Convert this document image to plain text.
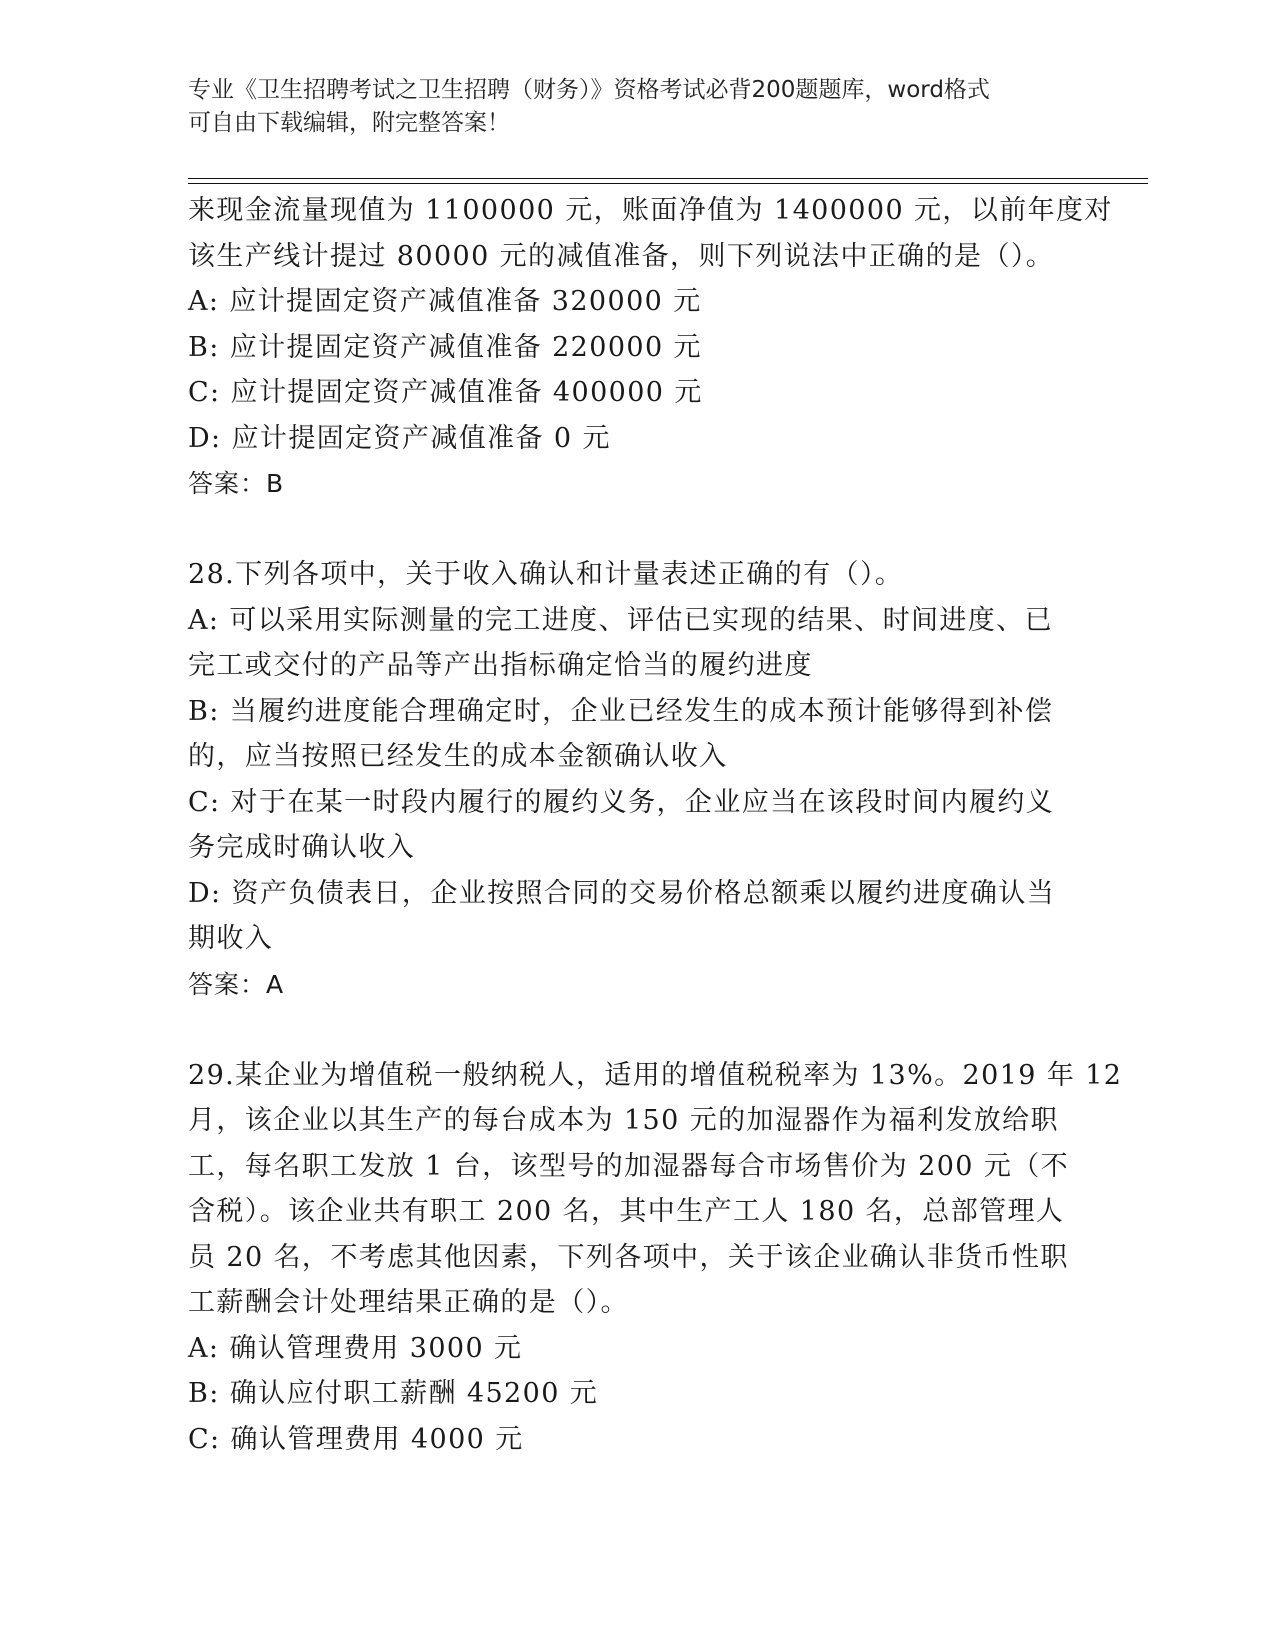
专业《卫生招聘考试之卫生招聘（财务）》资格考试必背200题题库，word格式
可自由下载编辑，附完整答案！
来现金流量现值为 1100000 元，账面净值为 1400000 元，以前年度对
该生产线计提过 80000 元的减值准备，则下列说法中正确的是（）。
A: 应计提固定资产减值准备 320000 元
B: 应计提固定资产减值准备 220000 元
C: 应计提固定资产减值准备 400000 元
D: 应计提固定资产减值准备 0 元
答案：B
28.下列各项中，关于收入确认和计量表述正确的有（）。
A: 可以采用实际测量的完工进度、评估已实现的结果、时间进度、已
完工或交付的产品等产出指标确定恰当的履约进度
B: 当履约进度能合理确定时，企业已经发生的成本预计能够得到补偿
的，应当按照已经发生的成本金额确认收入
C: 对于在某一时段内履行的履约义务，企业应当在该段时间内履约义
务完成时确认收入
D: 资产负债表日，企业按照合同的交易价格总额乘以履约进度确认当
期收入
答案：A
29.某企业为增值税一般纳税人，适用的增值税税率为 13%。2019 年 12
月，该企业以其生产的每台成本为 150 元的加湿器作为福利发放给职
工，每名职工发放 1 台，该型号的加湿器每合市场售价为 200 元（不
含税）。该企业共有职工 200 名，其中生产工人 180 名，总部管理人
员 20 名，不考虑其他因素，下列各项中，关于该企业确认非货币性职
工薪酬会计处理结果正确的是（）。
A: 确认管理费用 3000 元
B: 确认应付职工薪酬 45200 元
C: 确认管理费用 4000 元
